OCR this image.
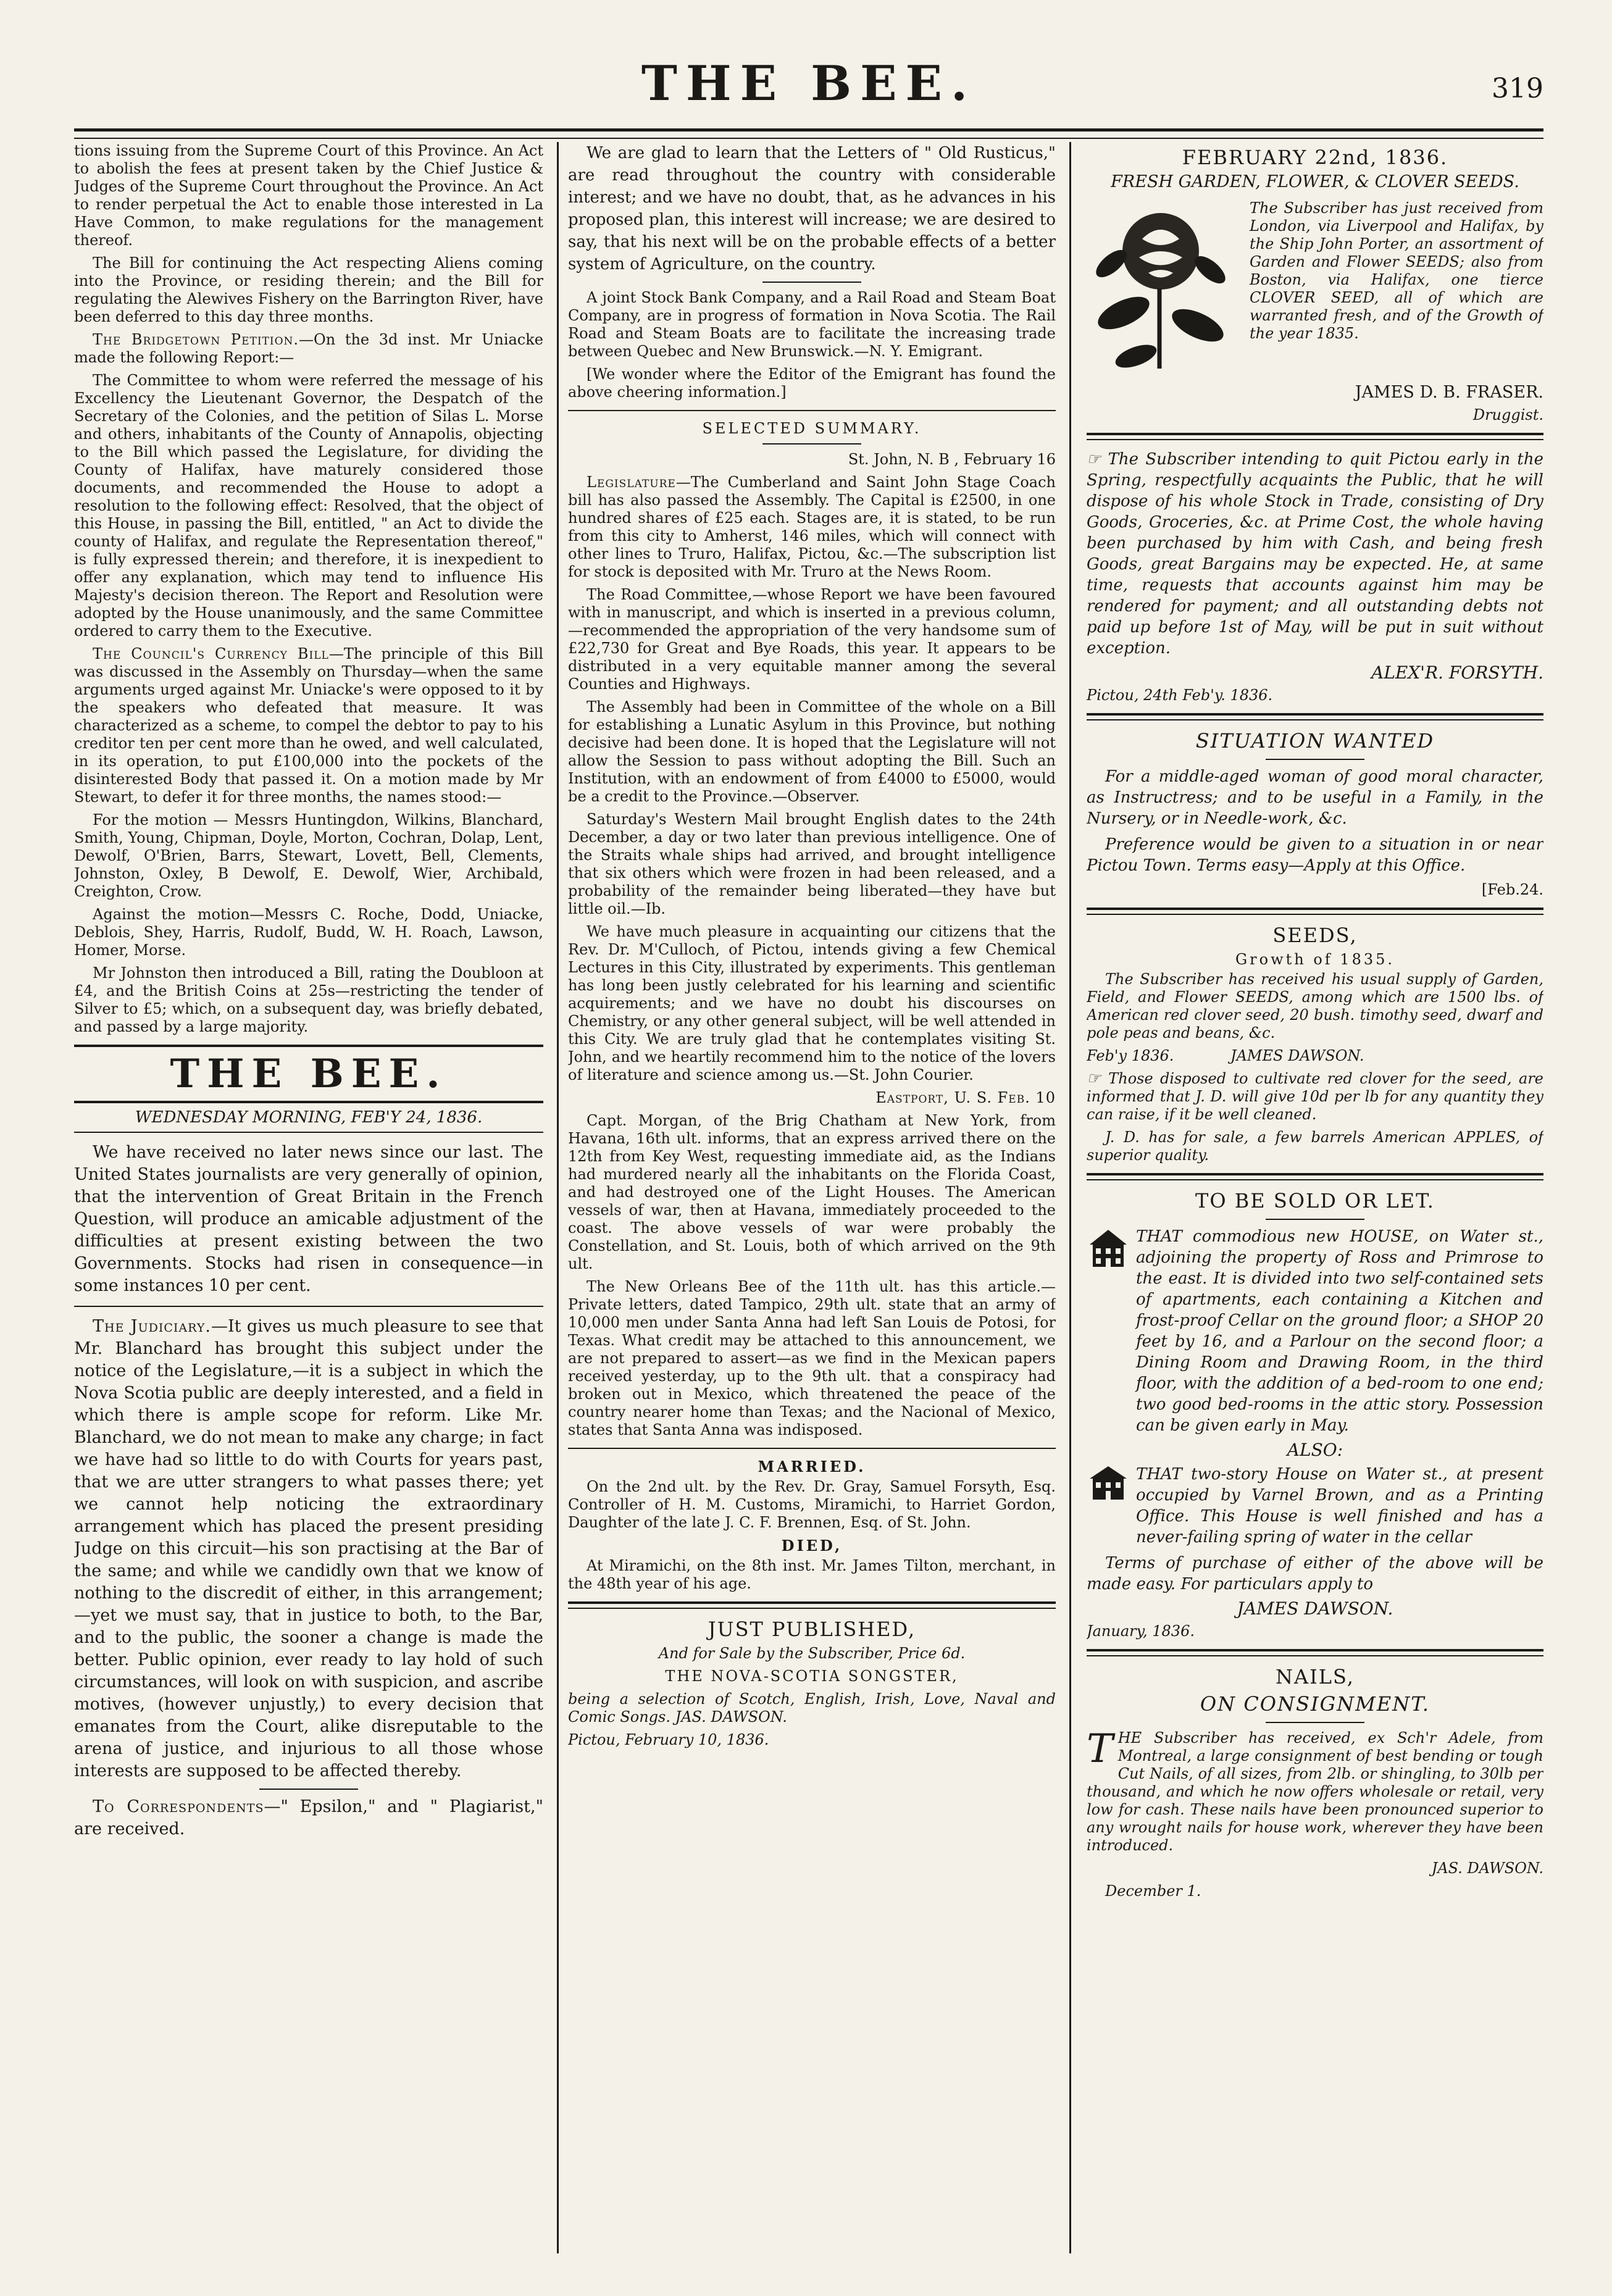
THE BEE.	319

tions issuing from the Supreme Court of this Province. An Act to abolish the fees at present taken by the Chief Justice & Judges of the Supreme Court throughout the Province. An Act to render perpetual the Act to enable those interested in La Have Common, to make regulations for the management thereof.

The Bill for continuing the Act respecting Aliens coming into the Province, or residing therein; and the Bill for regulating the Alewives Fishery on the Barrington River, have been deferred to this day three months.

The Bridgetown Petition.—On the 3d inst. Mr Uniacke made the following Report:—

The Committee to whom were referred the message of his Excellency the Lieutenant Governor, the Despatch of the Secretary of the Colonies, and the petition of Silas L. Morse and others, inhabitants of the County of Annapolis, objecting to the Bill which passed the Legislature, for dividing the County of Halifax, have maturely considered those documents, and recommended the House to adopt a resolution to the following effect: Resolved, that the object of this House, in passing the Bill, entitled, " an Act to divide the county of Halifax, and regulate the Representation thereof," is fully expressed therein; and therefore, it is inexpedient to offer any explanation, which may tend to influence His Majesty's decision thereon. The Report and Resolution were adopted by the House unanimously, and the same Committee ordered to carry them to the Executive.

The Council's Currency Bill—The principle of this Bill was discussed in the Assembly on Thursday—when the same arguments urged against Mr. Uniacke's were opposed to it by the speakers who defeated that measure. It was characterized as a scheme, to compel the debtor to pay to his creditor ten per cent more than he owed, and well calculated, in its operation, to put £100,000 into the pockets of the disinterested Body that passed it. On a motion made by Mr Stewart, to defer it for three months, the names stood:—

For the motion — Messrs Huntingdon, Wilkins, Blanchard, Smith, Young, Chipman, Doyle, Morton, Cochran, Dolap, Lent, Dewolf, O'Brien, Barrs, Stewart, Lovett, Bell, Clements, Johnston, Oxley, B Dewolf, E. Dewolf, Wier, Archibald, Creighton, Crow.

Against the motion—Messrs C. Roche, Dodd, Uniacke, Deblois, Shey, Harris, Rudolf, Budd, W. H. Roach, Lawson, Homer, Morse.

Mr Johnston then introduced a Bill, rating the Doubloon at £4, and the British Coins at 25s—restricting the tender of Silver to £5; which, on a subsequent day, was briefly debated, and passed by a large majority.

THE BEE.
WEDNESDAY MORNING, FEB'Y 24, 1836.

We have received no later news since our last. The United States journalists are very generally of opinion, that the intervention of Great Britain in the French Question, will produce an amicable adjustment of the difficulties at present existing between the two Governments. Stocks had risen in consequence—in some instances 10 per cent.

The Judiciary.—It gives us much pleasure to see that Mr. Blanchard has brought this subject under the notice of the Legislature,—it is a subject in which the Nova Scotia public are deeply interested, and a field in which there is ample scope for reform. Like Mr. Blanchard, we do not mean to make any charge; in fact we have had so little to do with Courts for years past, that we are utter strangers to what passes there; yet we cannot help noticing the extraordinary arrangement which has placed the present presiding Judge on this circuit—his son practising at the Bar of the same; and while we candidly own that we know of nothing to the discredit of either, in this arrangement;—yet we must say, that in justice to both, to the Bar, and to the public, the sooner a change is made the better. Public opinion, ever ready to lay hold of such circumstances, will look on with suspicion, and ascribe motives, (however unjustly,) to every decision that emanates from the Court, alike disreputable to the arena of justice, and injurious to all those whose interests are supposed to be affected thereby.

To Correspondents—" Epsilon," and " Plagiarist," are received.

We are glad to learn that the Letters of " Old Rusticus," are read throughout the country with considerable interest; and we have no doubt, that, as he advances in his proposed plan, this interest will increase; we are desired to say, that his next will be on the probable effects of a better system of Agriculture, on the country.

A joint Stock Bank Company, and a Rail Road and Steam Boat Company, are in progress of formation in Nova Scotia. The Rail Road and Steam Boats are to facilitate the increasing trade between Quebec and New Brunswick.—N. Y. Emigrant.

[We wonder where the Editor of the Emigrant has found the above cheering information.]

SELECTED SUMMARY.

St. John, N. B , February 16

Legislature—The Cumberland and Saint John Stage Coach bill has also passed the Assembly. The Capital is £2500, in one hundred shares of £25 each. Stages are, it is stated, to be run from this city to Amherst, 146 miles, which will connect with other lines to Truro, Halifax, Pictou, &c.—The subscription list for stock is deposited with Mr. Truro at the News Room.

The Road Committee,—whose Report we have been favoured with in manuscript, and which is inserted in a previous column,—recommended the appropriation of the very handsome sum of £22,730 for Great and Bye Roads, this year. It appears to be distributed in a very equitable manner among the several Counties and Highways.

The Assembly had been in Committee of the whole on a Bill for establishing a Lunatic Asylum in this Province, but nothing decisive had been done. It is hoped that the Legislature will not allow the Session to pass without adopting the Bill. Such an Institution, with an endowment of from £4000 to £5000, would be a credit to the Province.—Observer.

Saturday's Western Mail brought English dates to the 24th December, a day or two later than previous intelligence. One of the Straits whale ships had arrived, and brought intelligence that six others which were frozen in had been released, and a probability of the remainder being liberated—they have but little oil.—Ib.

We have much pleasure in acquainting our citizens that the Rev. Dr. M'Culloch, of Pictou, intends giving a few Chemical Lectures in this City, illustrated by experiments. This gentleman has long been justly celebrated for his learning and scientific acquirements; and we have no doubt his discourses on Chemistry, or any other general subject, will be well attended in this City. We are truly glad that he contemplates visiting St. John, and we heartily recommend him to the notice of the lovers of literature and science among us.—St. John Courier.

Eastport, U. S. Feb. 10

Capt. Morgan, of the Brig Chatham at New York, from Havana, 16th ult. informs, that an express arrived there on the 12th from Key West, requesting immediate aid, as the Indians had murdered nearly all the inhabitants on the Florida Coast, and had destroyed one of the Light Houses. The American vessels of war, then at Havana, immediately proceeded to the coast. The above vessels of war were probably the Constellation, and St. Louis, both of which arrived on the 9th ult.

The New Orleans Bee of the 11th ult. has this article.—Private letters, dated Tampico, 29th ult. state that an army of 10,000 men under Santa Anna had left San Louis de Potosi, for Texas. What credit may be attached to this announcement, we are not prepared to assert—as we find in the Mexican papers received yesterday, up to the 9th ult. that a conspiracy had broken out in Mexico, which threatened the peace of the country nearer home than Texas; and the Nacional of Mexico, states that Santa Anna was indisposed.

MARRIED.

On the 2nd ult. by the Rev. Dr. Gray, Samuel Forsyth, Esq. Controller of H. M. Customs, Miramichi, to Harriet Gordon, Daughter of the late J. C. F. Brennen, Esq. of St. John.

DIED,

At Miramichi, on the 8th inst. Mr. James Tilton, merchant, in the 48th year of his age.

JUST PUBLISHED,

And for Sale by the Subscriber, Price 6d.

THE NOVA-SCOTIA SONGSTER,

being a selection of Scotch, English, Irish, Love, Naval and Comic Songs. JAS. DAWSON.

Pictou, February 10, 1836.

FEBRUARY 22nd, 1836.

FRESH GARDEN, FLOWER, & CLOVER SEEDS.

The Subscriber has just received from London, via Liverpool and Halifax, by the Ship John Porter, an assortment of Garden and Flower SEEDS; also from Boston, via Halifax, one tierce CLOVER SEED, all of which are warranted fresh, and of the Growth of the year 1835.

JAMES D. B. FRASER.

Druggist.

☞ The Subscriber intending to quit Pictou early in the Spring, respectfully acquaints the Public, that he will dispose of his whole Stock in Trade, consisting of Dry Goods, Groceries, &c. at Prime Cost, the whole having been purchased by him with Cash, and being fresh Goods, great Bargains may be expected. He, at same time, requests that accounts against him may be rendered for payment; and all outstanding debts not paid up before 1st of May, will be put in suit without exception.

ALEX'R. FORSYTH.

Pictou, 24th Feb'y. 1836.

SITUATION WANTED

For a middle-aged woman of good moral character, as Instructress; and to be useful in a Family, in the Nursery, or in Needle-work, &c.

Preference would be given to a situation in or near Pictou Town. Terms easy—Apply at this Office.

[Feb.24.

SEEDS,
Growth of 1835.

The Subscriber has received his usual supply of Garden, Field, and Flower SEEDS, among which are 1500 lbs. of American red clover seed, 20 bush. timothy seed, dwarf and pole peas and beans, &c.

Feb'y 1836.            JAMES DAWSON.

☞ Those disposed to cultivate red clover for the seed, are informed that J. D. will give 10d per lb for any quantity they can raise, if it be well cleaned.

J. D. has for sale, a few barrels American APPLES, of superior quality.

TO BE SOLD OR LET.

THAT commodious new HOUSE, on Water st., adjoining the property of Ross and Primrose to the east. It is divided into two self-contained sets of apartments, each containing a Kitchen and frost-proof Cellar on the ground floor; a SHOP 20 feet by 16, and a Parlour on the second floor; a Dining Room and Drawing Room, in the third floor, with the addition of a bed-room to one end; two good bed-rooms in the attic story. Possession can be given early in May.

ALSO:

THAT two-story House on Water st., at present occupied by Varnel Brown, and as a Printing Office. This House is well finished and has a never-failing spring of water in the cellar

Terms of purchase of either of the above will be made easy. For particulars apply to

JAMES DAWSON.

January, 1836.

NAILS,
ON CONSIGNMENT.

THE Subscriber has received, ex Sch'r Adele, from Montreal, a large consignment of best bending or tough Cut Nails, of all sizes, from 2lb. or shingling, to 30lb per thousand, and which he now offers wholesale or retail, very low for cash. These nails have been pronounced superior to any wrought nails for house work, wherever they have been introduced.

JAS. DAWSON.

December 1.
